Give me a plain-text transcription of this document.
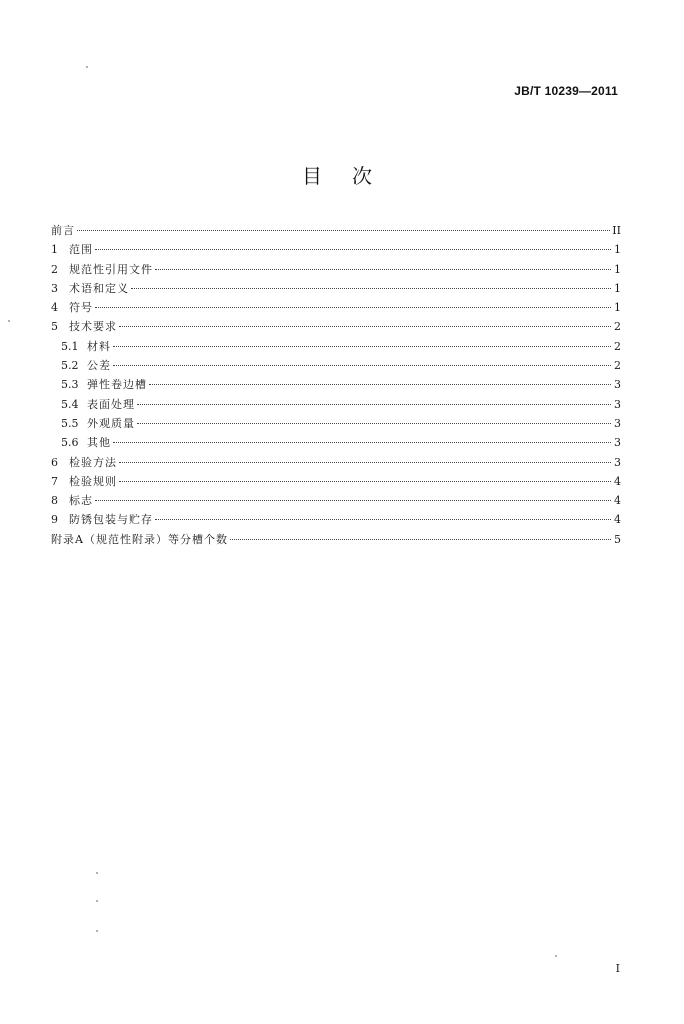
JB/T 10239—2011
目次
前言	II
1	范围	1
2	规范性引用文件	1
3	术语和定义	1
4	符号	1
5	技术要求	2
5.1 材料	2
5.2 公差	2
5.3 弹性卷边槽	3
5.4 表面处理	3
5.5 外观质量	3
5.6 其他	3
6	检验方法	3
7	检验规则	4
8	标志	4
9	防锈包装与贮存	4
附录A（规范性附录）等分槽个数	5
I
